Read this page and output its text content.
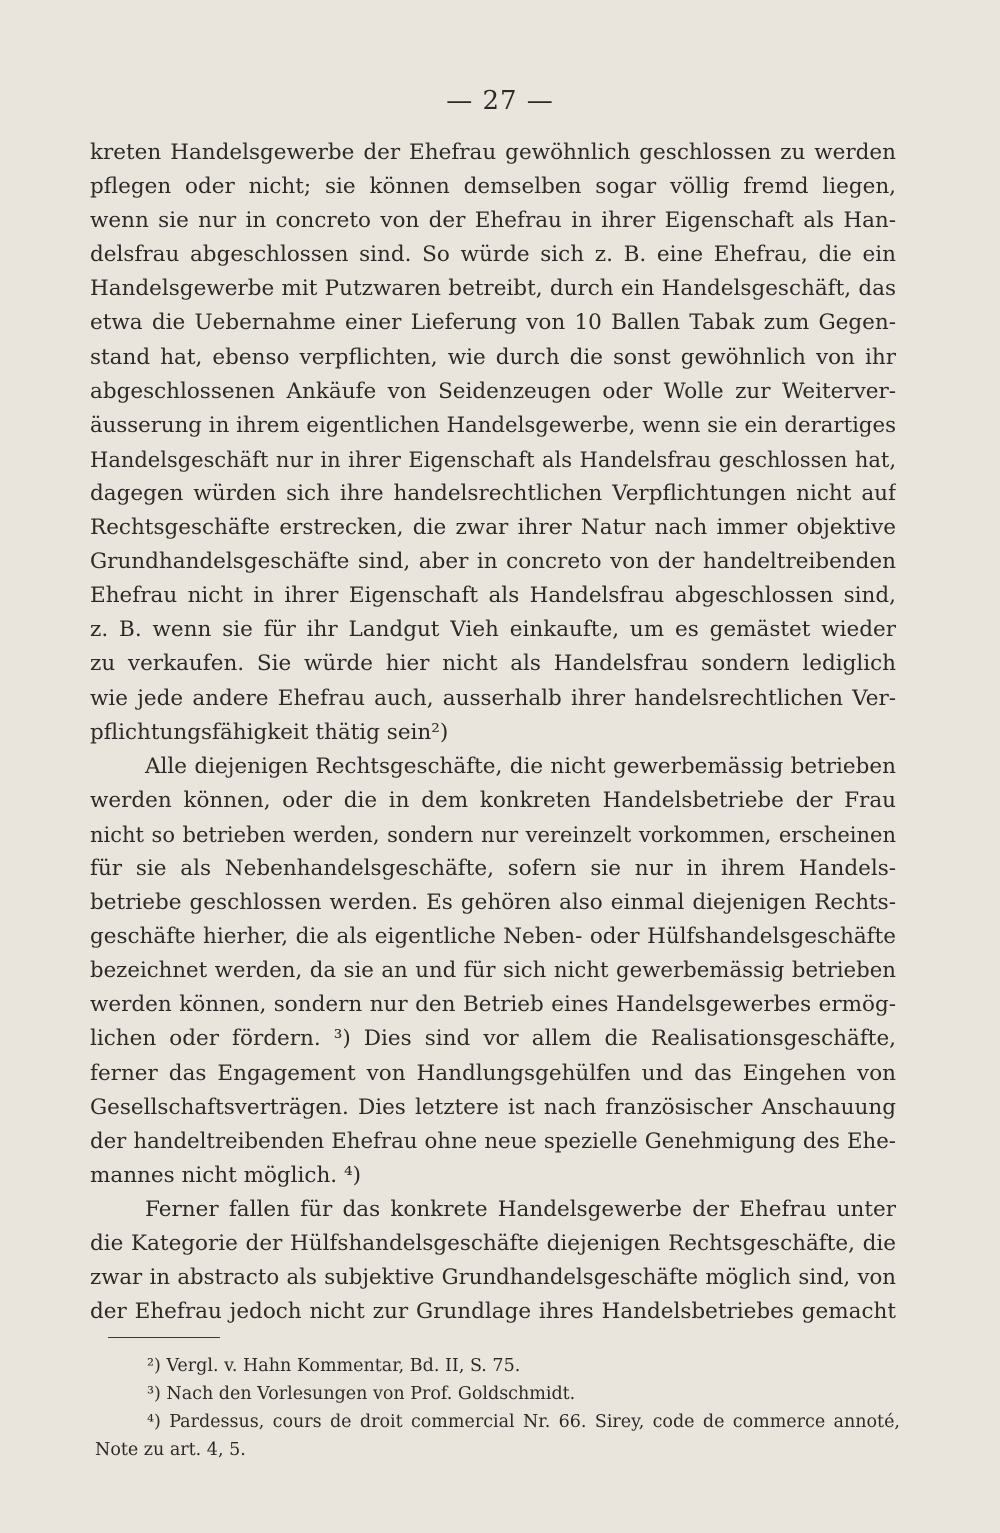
— 27 —
kreten Handelsgewerbe der Ehefrau gewöhnlich geschlossen zu werden
pflegen oder nicht; sie können demselben sogar völlig fremd liegen,
wenn sie nur in concreto von der Ehefrau in ihrer Eigenschaft als Han-
delsfrau abgeschlossen sind. So würde sich z. B. eine Ehefrau, die ein
Handelsgewerbe mit Putzwaren betreibt, durch ein Handelsgeschäft, das
etwa die Uebernahme einer Lieferung von 10 Ballen Tabak zum Gegen-
stand hat, ebenso verpflichten, wie durch die sonst gewöhnlich von ihr
abgeschlossenen Ankäufe von Seidenzeugen oder Wolle zur Weiterver-
äusserung in ihrem eigentlichen Handelsgewerbe, wenn sie ein derartiges
Handelsgeschäft nur in ihrer Eigenschaft als Handelsfrau geschlossen hat,
dagegen würden sich ihre handelsrechtlichen Verpflichtungen nicht auf
Rechtsgeschäfte erstrecken, die zwar ihrer Natur nach immer objektive
Grundhandelsgeschäfte sind, aber in concreto von der handeltreibenden
Ehefrau nicht in ihrer Eigenschaft als Handelsfrau abgeschlossen sind,
z. B. wenn sie für ihr Landgut Vieh einkaufte, um es gemästet wieder
zu verkaufen. Sie würde hier nicht als Handelsfrau sondern lediglich
wie jede andere Ehefrau auch, ausserhalb ihrer handelsrechtlichen Ver-
pflichtungsfähigkeit thätig sein²)
Alle diejenigen Rechtsgeschäfte, die nicht gewerbemässig betrieben
werden können, oder die in dem konkreten Handelsbetriebe der Frau
nicht so betrieben werden, sondern nur vereinzelt vorkommen, erscheinen
für sie als Nebenhandelsgeschäfte, sofern sie nur in ihrem Handels-
betriebe geschlossen werden. Es gehören also einmal diejenigen Rechts-
geschäfte hierher, die als eigentliche Neben- oder Hülfshandelsgeschäfte
bezeichnet werden, da sie an und für sich nicht gewerbemässig betrieben
werden können, sondern nur den Betrieb eines Handelsgewerbes ermög-
lichen oder fördern. ³) Dies sind vor allem die Realisationsgeschäfte,
ferner das Engagement von Handlungsgehülfen und das Eingehen von
Gesellschaftsverträgen. Dies letztere ist nach französischer Anschauung
der handeltreibenden Ehefrau ohne neue spezielle Genehmigung des Ehe-
mannes nicht möglich. ⁴)
Ferner fallen für das konkrete Handelsgewerbe der Ehefrau unter
die Kategorie der Hülfshandelsgeschäfte diejenigen Rechtsgeschäfte, die
zwar in abstracto als subjektive Grundhandelsgeschäfte möglich sind, von
der Ehefrau jedoch nicht zur Grundlage ihres Handelsbetriebes gemacht
²) Vergl. v. Hahn Kommentar, Bd. II, S. 75.
³) Nach den Vorlesungen von Prof. Goldschmidt.
⁴) Pardessus, cours de droit commercial Nr. 66. Sirey, code de commerce annoté,
Note zu art. 4, 5.
